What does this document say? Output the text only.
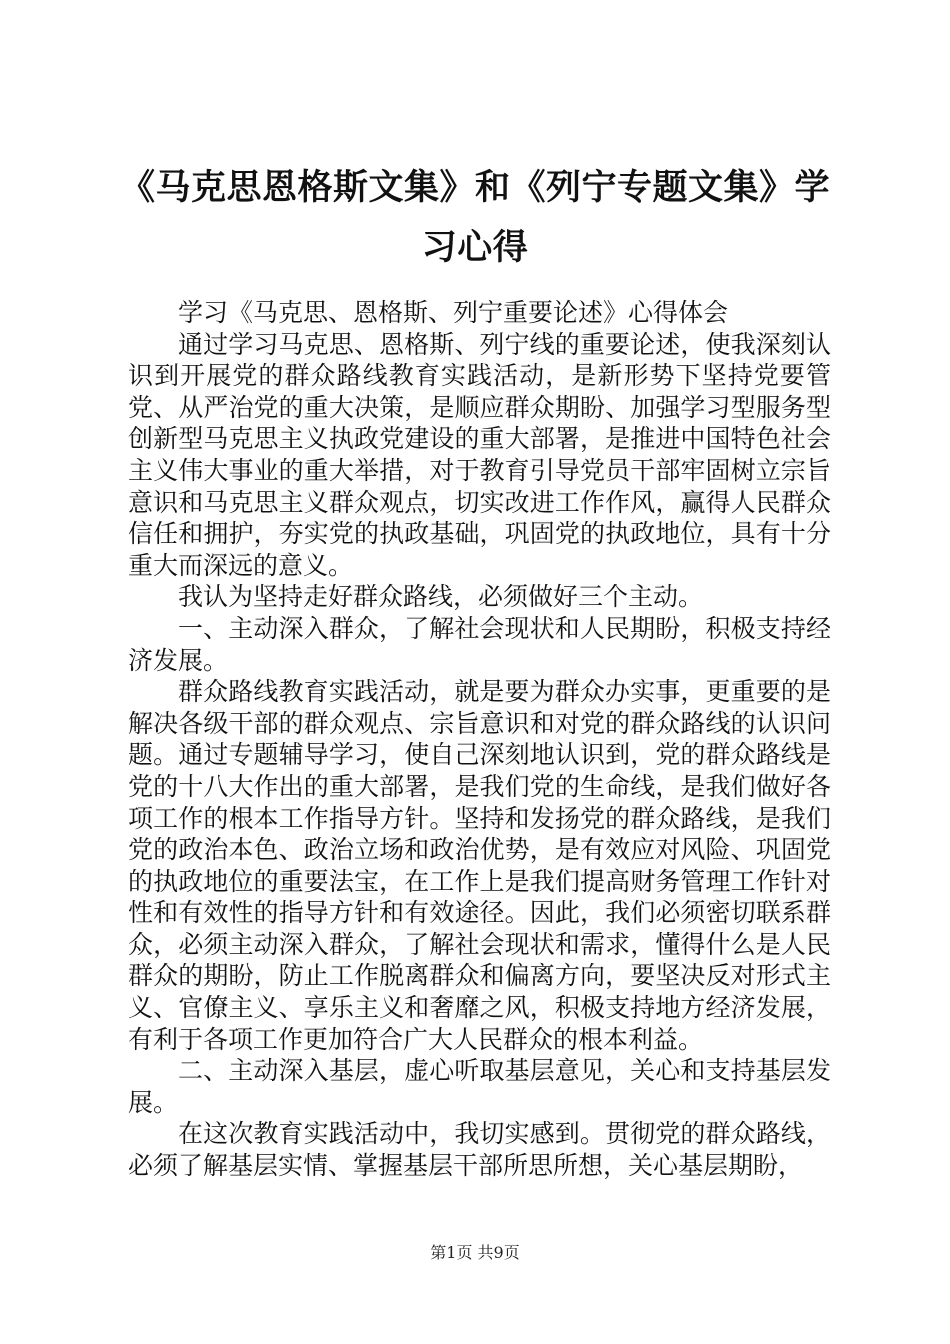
《马克思恩格斯文集》和《列宁专题文集》学习心得

学习《马克思、恩格斯、列宁重要论述》心得体会

通过学习马克思、恩格斯、列宁线的重要论述，使我深刻认识到开展党的群众路线教育实践活动，是新形势下坚持党要管党、从严治党的重大决策，是顺应群众期盼、加强学习型服务型创新型马克思主义执政党建设的重大部署，是推进中国特色社会主义伟大事业的重大举措，对于教育引导党员干部牢固树立宗旨意识和马克思主义群众观点，切实改进工作作风，赢得人民群众信任和拥护，夯实党的执政基础，巩固党的执政地位，具有十分重大而深远的意义。

我认为坚持走好群众路线，必须做好三个主动。

一、主动深入群众，了解社会现状和人民期盼，积极支持经济发展。

群众路线教育实践活动，就是要为群众办实事，更重要的是解决各级干部的群众观点、宗旨意识和对党的群众路线的认识问题。通过专题辅导学习，使自己深刻地认识到，党的群众路线是党的十八大作出的重大部署，是我们党的生命线，是我们做好各项工作的根本工作指导方针。坚持和发扬党的群众路线，是我们党的政治本色、政治立场和政治优势，是有效应对风险、巩固党的执政地位的重要法宝，在工作上是我们提高财务管理工作针对性和有效性的指导方针和有效途径。因此，我们必须密切联系群众，必须主动深入群众，了解社会现状和需求，懂得什么是人民群众的期盼，防止工作脱离群众和偏离方向，要坚决反对形式主义、官僚主义、享乐主义和奢靡之风，积极支持地方经济发展，有利于各项工作更加符合广大人民群众的根本利益。

二、主动深入基层，虚心听取基层意见，关心和支持基层发展。

在这次教育实践活动中，我切实感到。贯彻党的群众路线，必须了解基层实情、掌握基层干部所思所想，关心基层期盼，

第1页 共9页
